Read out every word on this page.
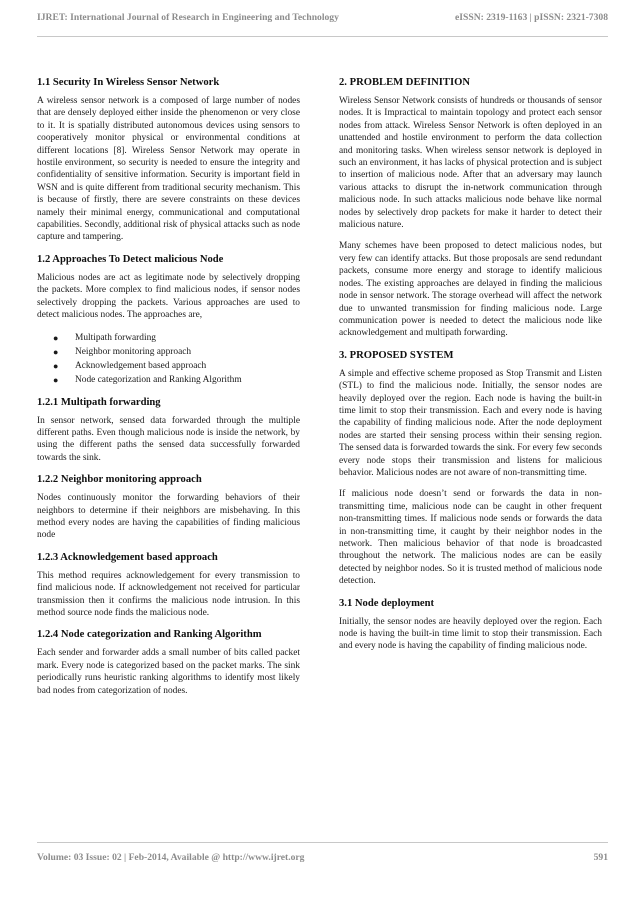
IJRET: International Journal of Research in Engineering and Technology	eISSN: 2319-1163 | pISSN: 2321-7308
1.1 Security In Wireless Sensor Network

A wireless sensor network is a composed of large number of nodes that are densely deployed either inside the phenomenon or very close to it. It is spatially distributed autonomous devices using sensors to cooperatively monitor physical or environmental conditions at different locations [8]. Wireless Sensor Network may operate in hostile environment, so security is needed to ensure the integrity and confidentiality of sensitive information. Security is important field in WSN and is quite different from traditional security mechanism. This is because of firstly, there are severe constraints on these devices namely their minimal energy, communicational and computational capabilities. Secondly, additional risk of physical attacks such as node capture and tampering.

1.2 Approaches To Detect malicious Node

Malicious nodes are act as legitimate node by selectively dropping the packets. More complex to find malicious nodes, if sensor nodes selectively dropping the packets. Various approaches are used to detect malicious nodes. The approaches are,

● Multipath forwarding
● Neighbor monitoring approach
● Acknowledgement based approach
● Node categorization and Ranking Algorithm
1.2.1 Multipath forwarding

In sensor network, sensed data forwarded through the multiple different paths. Even though malicious node is inside the network, by using the different paths the sensed data successfully forwarded towards the sink.

1.2.2 Neighbor monitoring approach

Nodes continuously monitor the forwarding behaviors of their neighbors to determine if their neighbors are misbehaving. In this method every nodes are having the capabilities of finding malicious node

1.2.3 Acknowledgement based approach

This method requires acknowledgement for every transmission to find malicious node. If acknowledgement not received for particular transmission then it confirms the malicious node intrusion. In this method source node finds the malicious node.

1.2.4 Node categorization and Ranking Algorithm

Each sender and forwarder adds a small number of bits called packet mark. Every node is categorized based on the packet marks. The sink periodically runs heuristic ranking algorithms to identify most likely bad nodes from categorization of nodes.

2. PROBLEM DEFINITION

Wireless Sensor Network consists of hundreds or thousands of sensor nodes. It is Impractical to maintain topology and protect each sensor nodes from attack. Wireless Sensor Network is often deployed in an unattended and hostile environment to perform the data collection and monitoring tasks. When wireless sensor network is deployed in such an environment, it has lacks of physical protection and is subject to insertion of malicious node. After that an adversary may launch various attacks to disrupt the in-network communication through malicious node. In such attacks malicious node behave like normal nodes by selectively drop packets for make it harder to detect their malicious nature.

Many schemes have been proposed to detect malicious nodes, but very few can identify attacks. But those proposals are send redundant packets, consume more energy and storage to identify malicious nodes. The existing approaches are delayed in finding the malicious node in sensor network. The storage overhead will affect the network due to unwanted transmission for finding malicious node. Large communication power is needed to detect the malicious node like acknowledgement and multipath forwarding.

3. PROPOSED SYSTEM

A simple and effective scheme proposed as Stop Transmit and Listen (STL) to find the malicious node. Initially, the sensor nodes are heavily deployed over the region. Each node is having the built-in time limit to stop their transmission. Each and every node is having the capability of finding malicious node. After the node deployment nodes are started their sensing process within their sensing region. The sensed data is forwarded towards the sink. For every few seconds every node stops their transmission and listens for malicious behavior. Malicious nodes are not aware of non-transmitting time.

If malicious node doesn’t send or forwards the data in non-transmitting time, malicious node can be caught in other frequent non-transmitting times. If malicious node sends or forwards the data in non-transmitting time, it caught by their neighbor nodes in the network. Then malicious behavior of that node is broadcasted throughout the network. The malicious nodes are can be easily detected by neighbor nodes. So it is trusted method of malicious node detection.

3.1 Node deployment

Initially, the sensor nodes are heavily deployed over the region. Each node is having the built-in time limit to stop their transmission. Each and every node is having the capability of finding malicious node.

Volume: 03 Issue: 02 | Feb-2014, Available @ http://www.ijret.org	591
